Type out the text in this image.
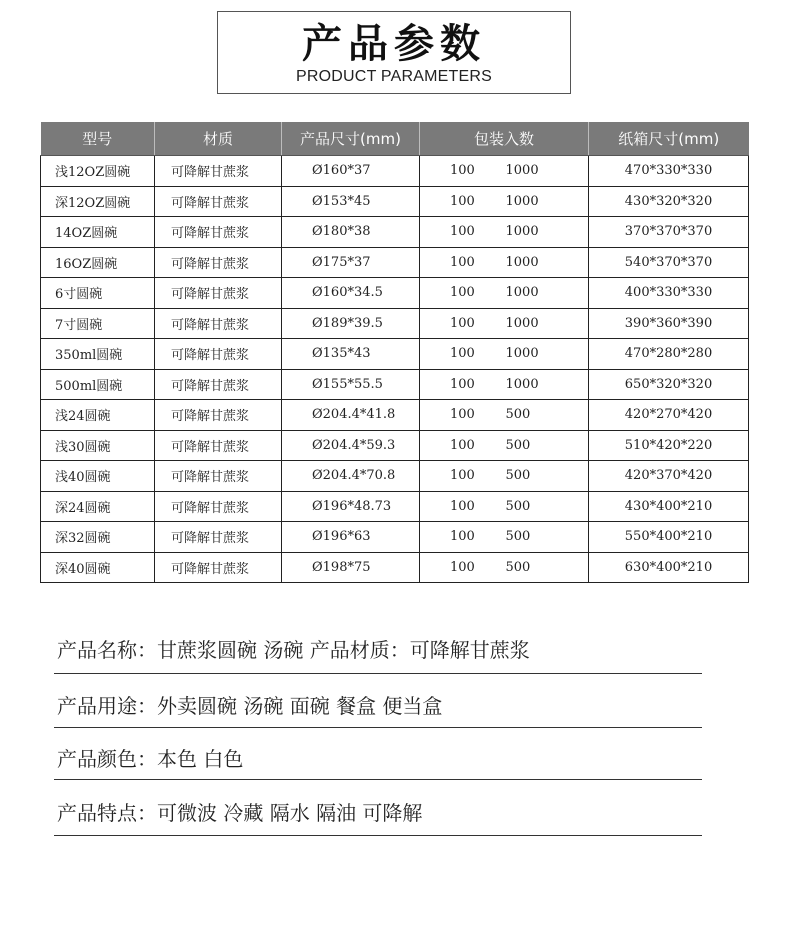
产品参数
PRODUCT PARAMETERS
型号	材质	产品尺寸(mm)	包装入数		纸箱尺寸(mm)
浅12OZ圆碗	可降解甘蔗浆	Ø160*37	100	1000	470*330*330
深12OZ圆碗	可降解甘蔗浆	Ø153*45	100	1000	430*320*320
14OZ圆碗	可降解甘蔗浆	Ø180*38	100	1000	370*370*370
16OZ圆碗	可降解甘蔗浆	Ø175*37	100	1000	540*370*370
6寸圆碗	可降解甘蔗浆	Ø160*34.5	100	1000	400*330*330
7寸圆碗	可降解甘蔗浆	Ø189*39.5	100	1000	390*360*390
350ml圆碗	可降解甘蔗浆	Ø135*43	100	1000	470*280*280
500ml圆碗	可降解甘蔗浆	Ø155*55.5	100	1000	650*320*320
浅24圆碗	可降解甘蔗浆	Ø204.4*41.8	100	500	420*270*420
浅30圆碗	可降解甘蔗浆	Ø204.4*59.3	100	500	510*420*220
浅40圆碗	可降解甘蔗浆	Ø204.4*70.8	100	500	420*370*420
深24圆碗	可降解甘蔗浆	Ø196*48.73	100	500	430*400*210
深32圆碗	可降解甘蔗浆	Ø196*63	100	500	550*400*210
深40圆碗	可降解甘蔗浆	Ø198*75	100	500	630*400*210
产品名称：甘蔗浆圆碗 汤碗 产品材质：可降解甘蔗浆
产品用途：外卖圆碗 汤碗 面碗 餐盒 便当盒
产品颜色：本色 白色
产品特点：可微波 冷藏 隔水 隔油 可降解
